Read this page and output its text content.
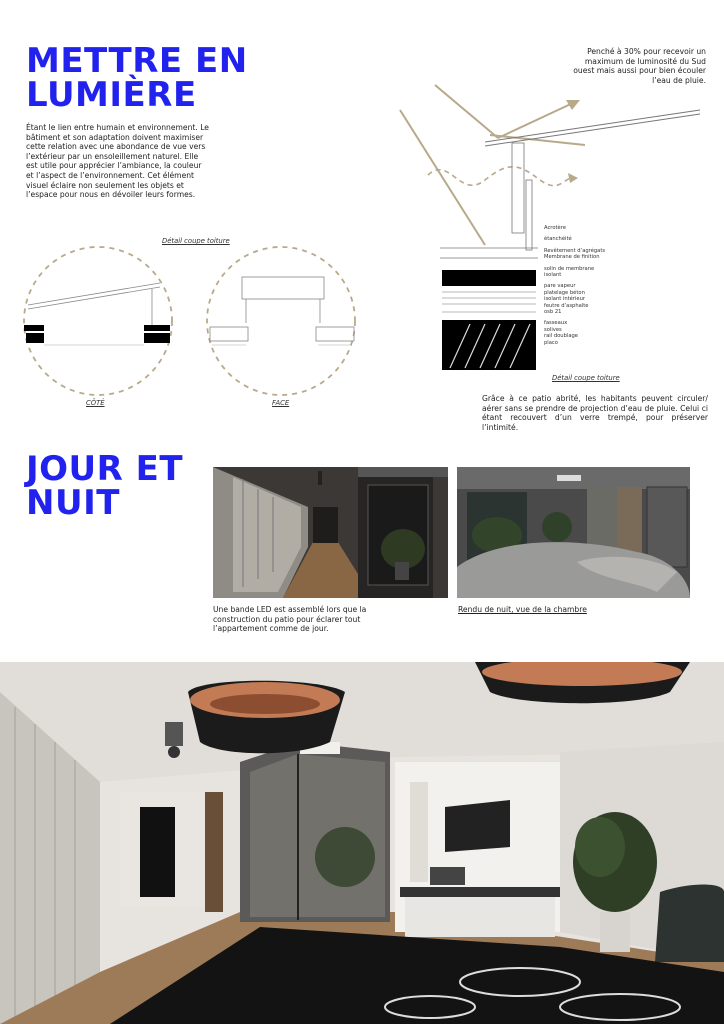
METTRE EN
LUMIÈRE
Étant le lien entre humain et environnement. Le bâtiment et son adaptation doivent maximiser cette relation avec une abondance de vue vers l’extérieur par un ensoleillement naturel. Elle est utile pour apprécier l’ambiance, la couleur et l’aspect de l’environnement. Cet élément visuel éclaire non seulement les objets et l’espace pour nous en dévoiler leurs formes.
Penché à 30% pour recevoir un
maximum de luminosité du Sud
ouest mais aussi pour bien écouler
l’eau de pluie.
Acrotère
étanchéité
Revêtement d’agrégats
Membrane de finition
solin de membrane
isolant
pare vapeur
platelage béton
isolant intérieur
feutre d’asphalte
osb 21
fasseaux
solives
rail doublage
placo
Détail coupe toiture
Détail coupe toiture
CÔTÉ	FACE	Grâce à ce patio abrité, les habitants peuvent circuler/ aérer sans se prendre de projection d’eau de pluie. Celui ci étant recouvert d’un verre trempé, pour préserver l’intimité.
JOUR ET
NUIT
Une bande LED est assemblé lors que la construction du patio pour éclarer tout l’appartement comme de jour.
Rendu de nuit, vue de la chambre
